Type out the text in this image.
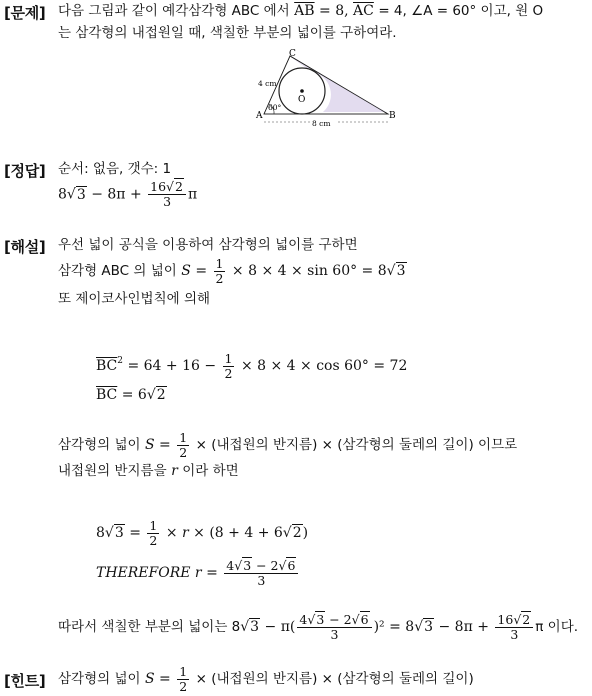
[문제] 다음 그림과 같이 예각삼각형 ABC 에서 $\overline{AB} = 8$, $\overline{AC} = 4$, ∠A = 60° 이고, 원 O
는 삼각형의 내접원일 때, 색칠한 부분의 넓이를 구하여라.
A	B
C
O
4 cm
8 cm
60°
[정답] 순서: 없음, 갯수: 1
$8√3 - 8\pi + \frac{16√2}{3}$ π
[해설] 우선 넓이 공식을 이용하여 삼각형의 넓이를 구하면
삼각형 ABC 의 넓이 $S = \frac{1}{2} \times 8 \times 4 \times \sin 60^\circ = 8√3$
또 제이코사인법칙에 의해
$\overline{BC}^2 = 64 + 16 - \frac{1}{2} \times 8 \times 4 \times \cos 60^\circ = 72$
$\overline{BC} = 6√2$
삼각형의 넓이 $S = \frac{1}{2}$ × (내접원의 반지름) × (삼각형의 둘레의 길이) 이므로
내접원의 반지름을 r 이라 하면
$8√3 = \frac{1}{2} \times r \times (8 + 4 + 6√2)$
THEREFORE $r = \frac{4√3 - 2√6}{3}$
따라서 색칠한 부분의 넓이는 $8√3 - \pi( \frac{4√3 - 2√6}{3} )^2 = 8√3 - 8\pi + \frac{16√2}{3}$ π 이다.
[힌트] 삼각형의 넓이 $S = \frac{1}{2}$ × (내접원의 반지름) × (삼각형의 둘레의 길이)
